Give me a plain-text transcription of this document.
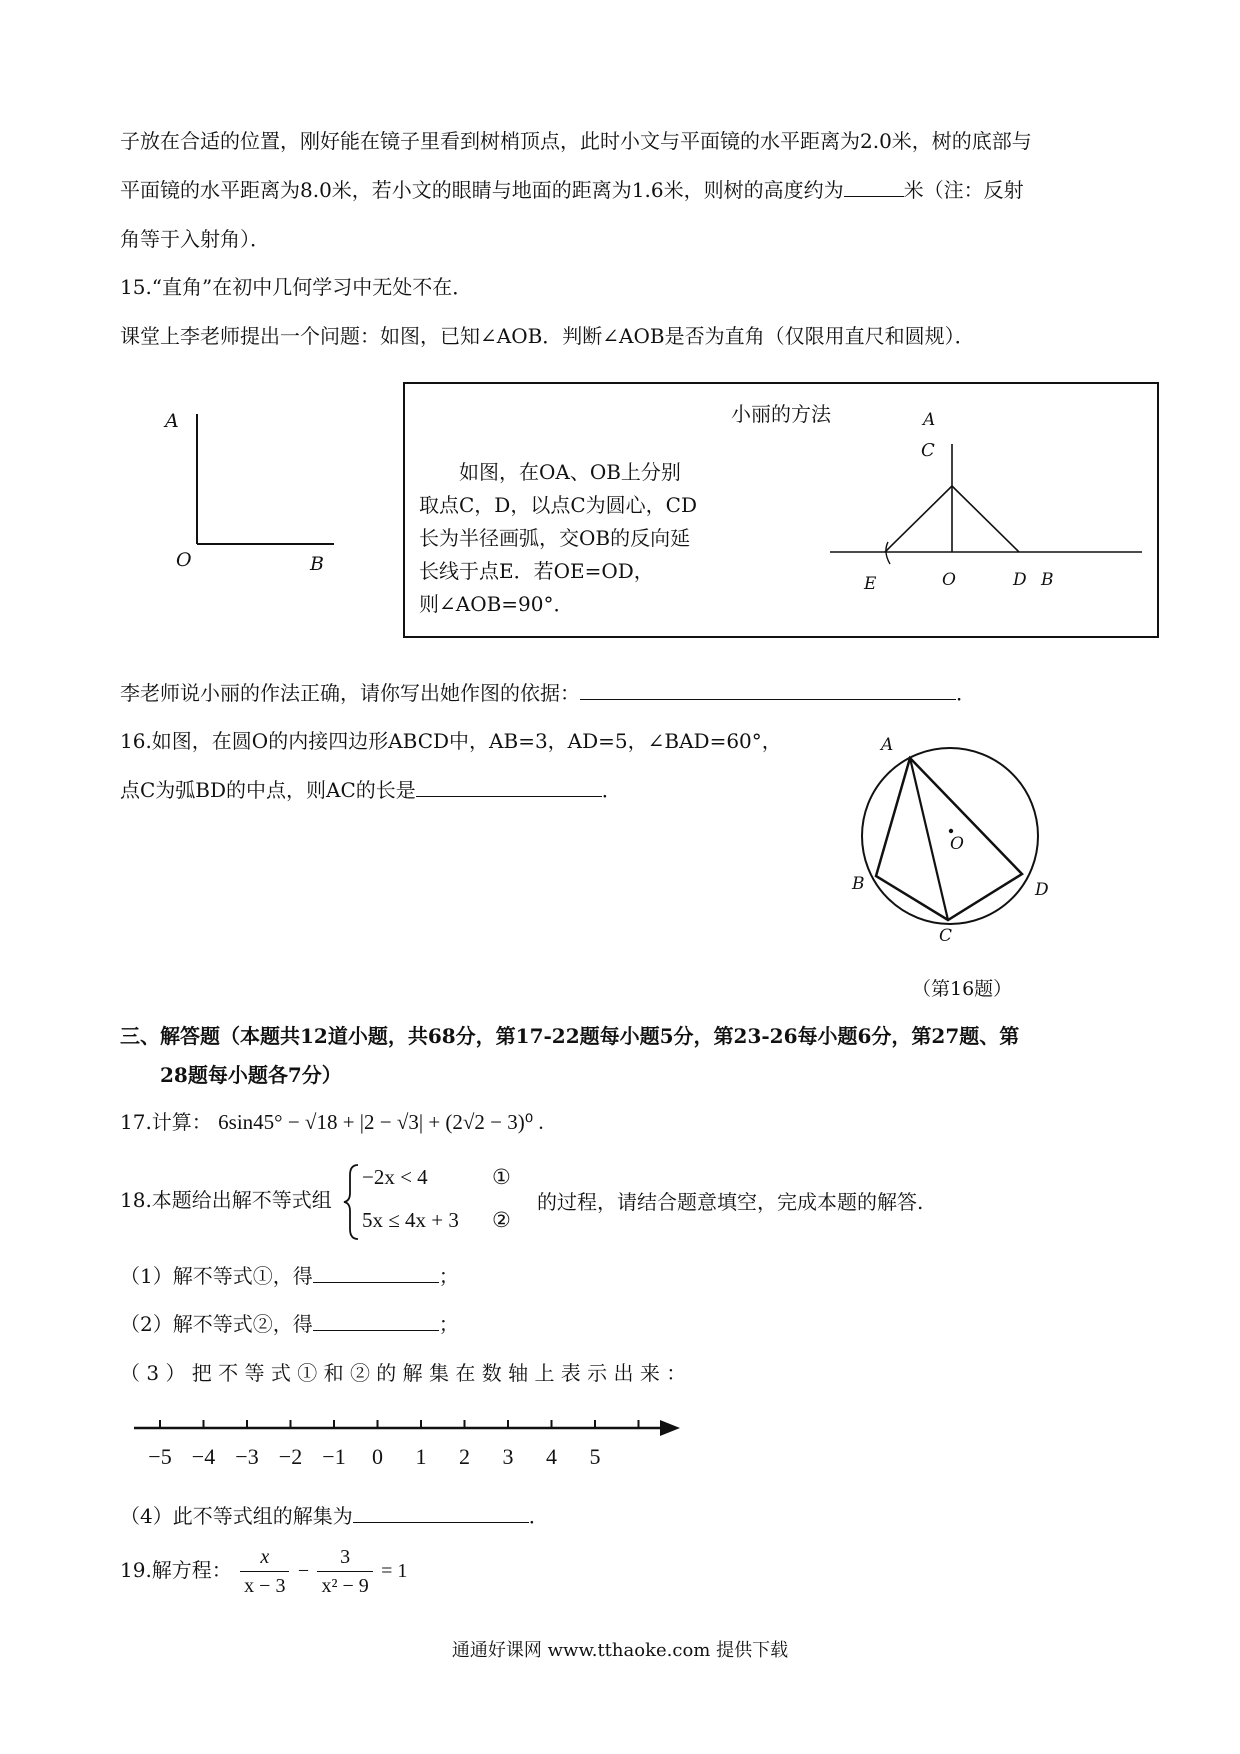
子放在合适的位置，刚好能在镜子里看到树梢顶点，此时小文与平面镜的水平距离为2.0米，树的底部与
平面镜的水平距离为8.0米，若小文的眼睛与地面的距离为1.6米，则树的高度约为	米（注：反射
角等于入射角）．
15.“直角”在初中几何学习中无处不在．
课堂上李老师提出一个问题：如图，已知∠AOB．判断∠AOB是否为直角（仅限用直尺和圆规）．
A
O	B
小丽的方法
　　如图，在OA、OB上分别
取点C，D，以点C为圆心，CD
长为半径画弧，交OB的反向延
长线于点E．若OE=OD，
则∠AOB=90°．
A
C
E	O	D B
李老师说小丽的作法正确，请你写出她作图的依据：	．
16.如图，在圆O的内接四边形ABCD中，AB=3，AD=5，∠BAD=60°，
点C为弧BD的中点，则AC的长是	．
A
O
B	D
C
（第16题）
三、解答题（本题共12道小题，共68分，第17-22题每小题5分，第23-26每小题6分，第27题、第
28题每小题各7分）
17.计算： 6sin45° − √18 + |2 − √3| + (2√2 − 3)⁰ .
18.本题给出解不等式组
−2x < 4
5x ≤ 4x + 3
①
②
的过程，请结合题意填空，完成本题的解答.
（1）解不等式①，得	；
（2）解不等式②，得	；
（ 3 ） 把 不 等 式 ① 和 ② 的 解 集 在 数 轴 上 表 示 出 来 ：
−5 −4 −3 −2 −1	0	1	2	3	4	5
（4）此不等式组的解集为	．
19.解方程： $\frac{x}{x - 3} - \frac{3}{\text{x² − 9}} = 1$
通通好课网 www.tthaoke.com 提供下载
